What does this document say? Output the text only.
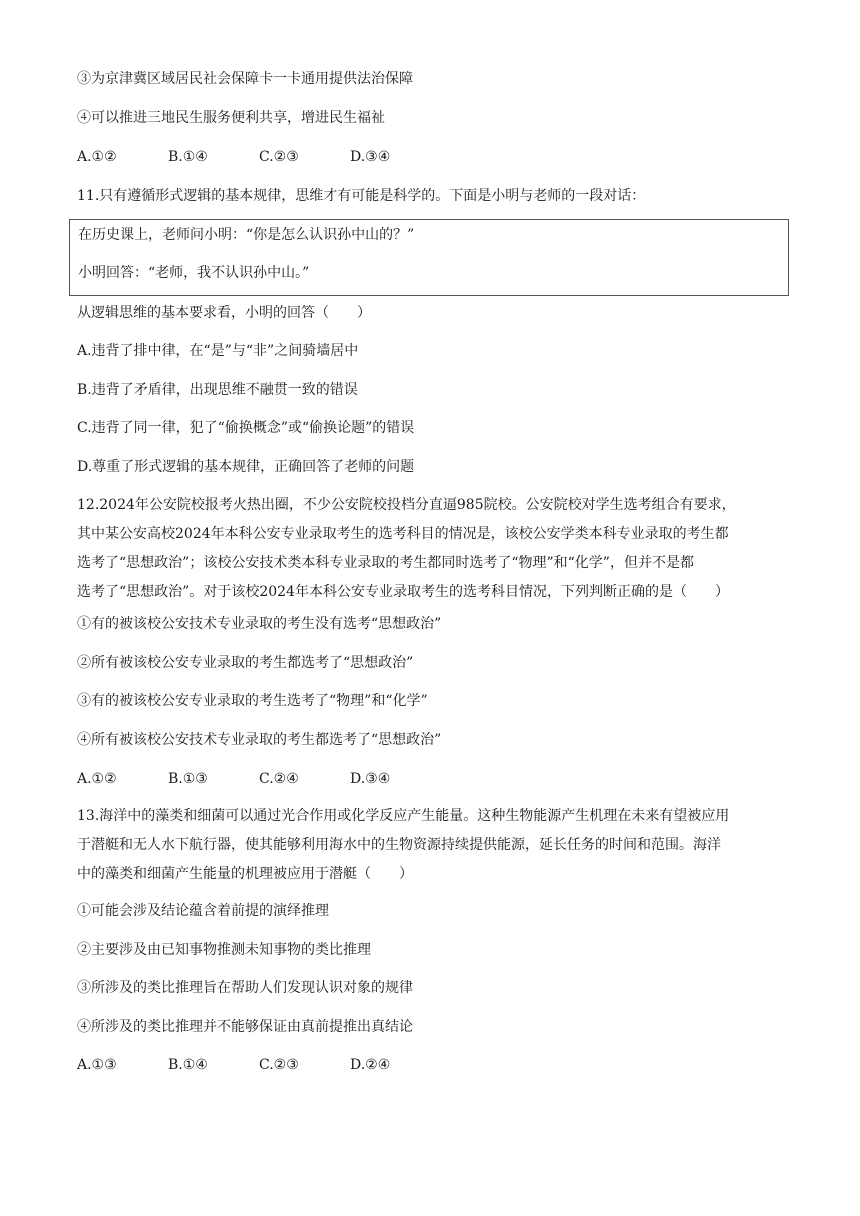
③为京津冀区域居民社会保障卡一卡通用提供法治保障
④可以推进三地民生服务便利共享，增进民生福祉
A.①②	B.①④	C.②③	D.③④
11.只有遵循形式逻辑的基本规律，思维才有可能是科学的。下面是小明与老师的一段对话：
在历史课上，老师问小明：“你是怎么认识孙中山的？”
小明回答：“老师，我不认识孙中山。”
从逻辑思维的基本要求看，小明的回答（　　）
A.违背了排中律，在“是”与“非”之间骑墙居中
B.违背了矛盾律，出现思维不融贯一致的错误
C.违背了同一律，犯了“偷换概念”或“偷换论题”的错误
D.尊重了形式逻辑的基本规律，正确回答了老师的问题
12.2024年公安院校报考火热出圈，不少公安院校投档分直逼985院校。公安院校对学生选考组合有要求，
其中某公安高校2024年本科公安专业录取考生的选考科目的情况是，该校公安学类本科专业录取的考生都
选考了“思想政治”；该校公安技术类本科专业录取的考生都同时选考了“物理”和“化学”，但并不是都
选考了“思想政治”。对于该校2024年本科公安专业录取考生的选考科目情况，下列判断正确的是（　　）
①有的被该校公安技术专业录取的考生没有选考“思想政治”
②所有被该校公安专业录取的考生都选考了“思想政治”
③有的被该校公安专业录取的考生选考了“物理”和“化学”
④所有被该校公安技术专业录取的考生都选考了“思想政治”
A.①②	B.①③	C.②④	D.③④
13.海洋中的藻类和细菌可以通过光合作用或化学反应产生能量。这种生物能源产生机理在未来有望被应用
于潜艇和无人水下航行器，使其能够利用海水中的生物资源持续提供能源，延长任务的时间和范围。海洋
中的藻类和细菌产生能量的机理被应用于潜艇（　　）
①可能会涉及结论蕴含着前提的演绎推理
②主要涉及由已知事物推测未知事物的类比推理
③所涉及的类比推理旨在帮助人们发现认识对象的规律
④所涉及的类比推理并不能够保证由真前提推出真结论
A.①③	B.①④	C.②③	D.②④
